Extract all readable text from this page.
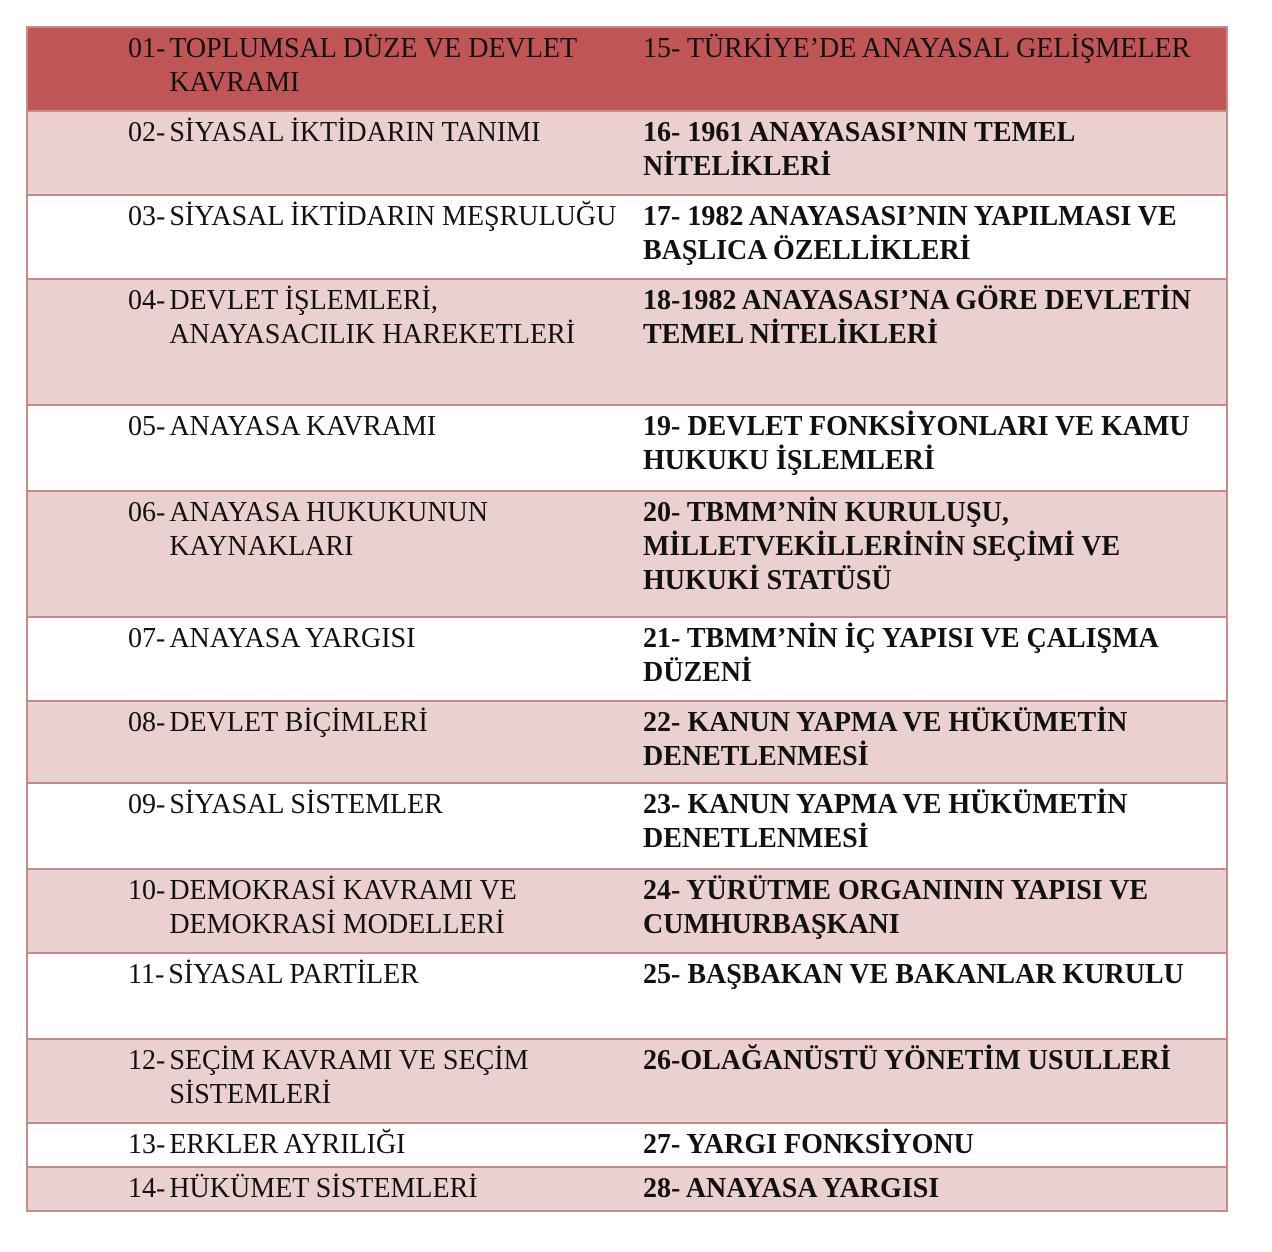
01- TOPLUMSAL DÜZE VE DEVLET KAVRAMI	15- TÜRKİYE’DE ANAYASAL GELİŞMELER

02- SİYASAL İKTİDARIN TANIMI	16- 1961 ANAYASASI’NIN TEMEL NİTELİKLERİ

03- SİYASAL İKTİDARIN MEŞRULUĞU	17- 1982 ANAYASASI’NIN YAPILMASI VE BAŞLICA ÖZELLİKLERİ

04- DEVLET İŞLEMLERİ, ANAYASACILIK HAREKETLERİ	18-1982 ANAYASASI’NA GÖRE DEVLETİN TEMEL NİTELİKLERİ

05- ANAYASA KAVRAMI	19- DEVLET FONKSİYONLARI VE KAMU HUKUKU İŞLEMLERİ

06- ANAYASA HUKUKUNUN KAYNAKLARI	20- TBMM’NİN KURULUŞU, MİLLETVEKİLLERİNİN SEÇİMİ VE HUKUKİ STATÜSÜ

07- ANAYASA YARGISI	21- TBMM’NİN İÇ YAPISI VE ÇALIŞMA DÜZENİ

08- DEVLET BİÇİMLERİ	22- KANUN YAPMA VE HÜKÜMETİN DENETLENMESİ

09- SİYASAL SİSTEMLER	23- KANUN YAPMA VE HÜKÜMETİN DENETLENMESİ

10- DEMOKRASİ KAVRAMI VE DEMOKRASİ MODELLERİ	24- YÜRÜTME ORGANININ YAPISI VE CUMHURBAŞKANI

11- SİYASAL PARTİLER	25- BAŞBAKAN VE BAKANLAR KURULU

12- SEÇİM KAVRAMI VE SEÇİM SİSTEMLERİ	26-OLAĞANÜSTÜ YÖNETİM USULLERİ

13- ERKLER AYRILIĞI	27- YARGI FONKSİYONU

14- HÜKÜMET SİSTEMLERİ	28- ANAYASA YARGISI
